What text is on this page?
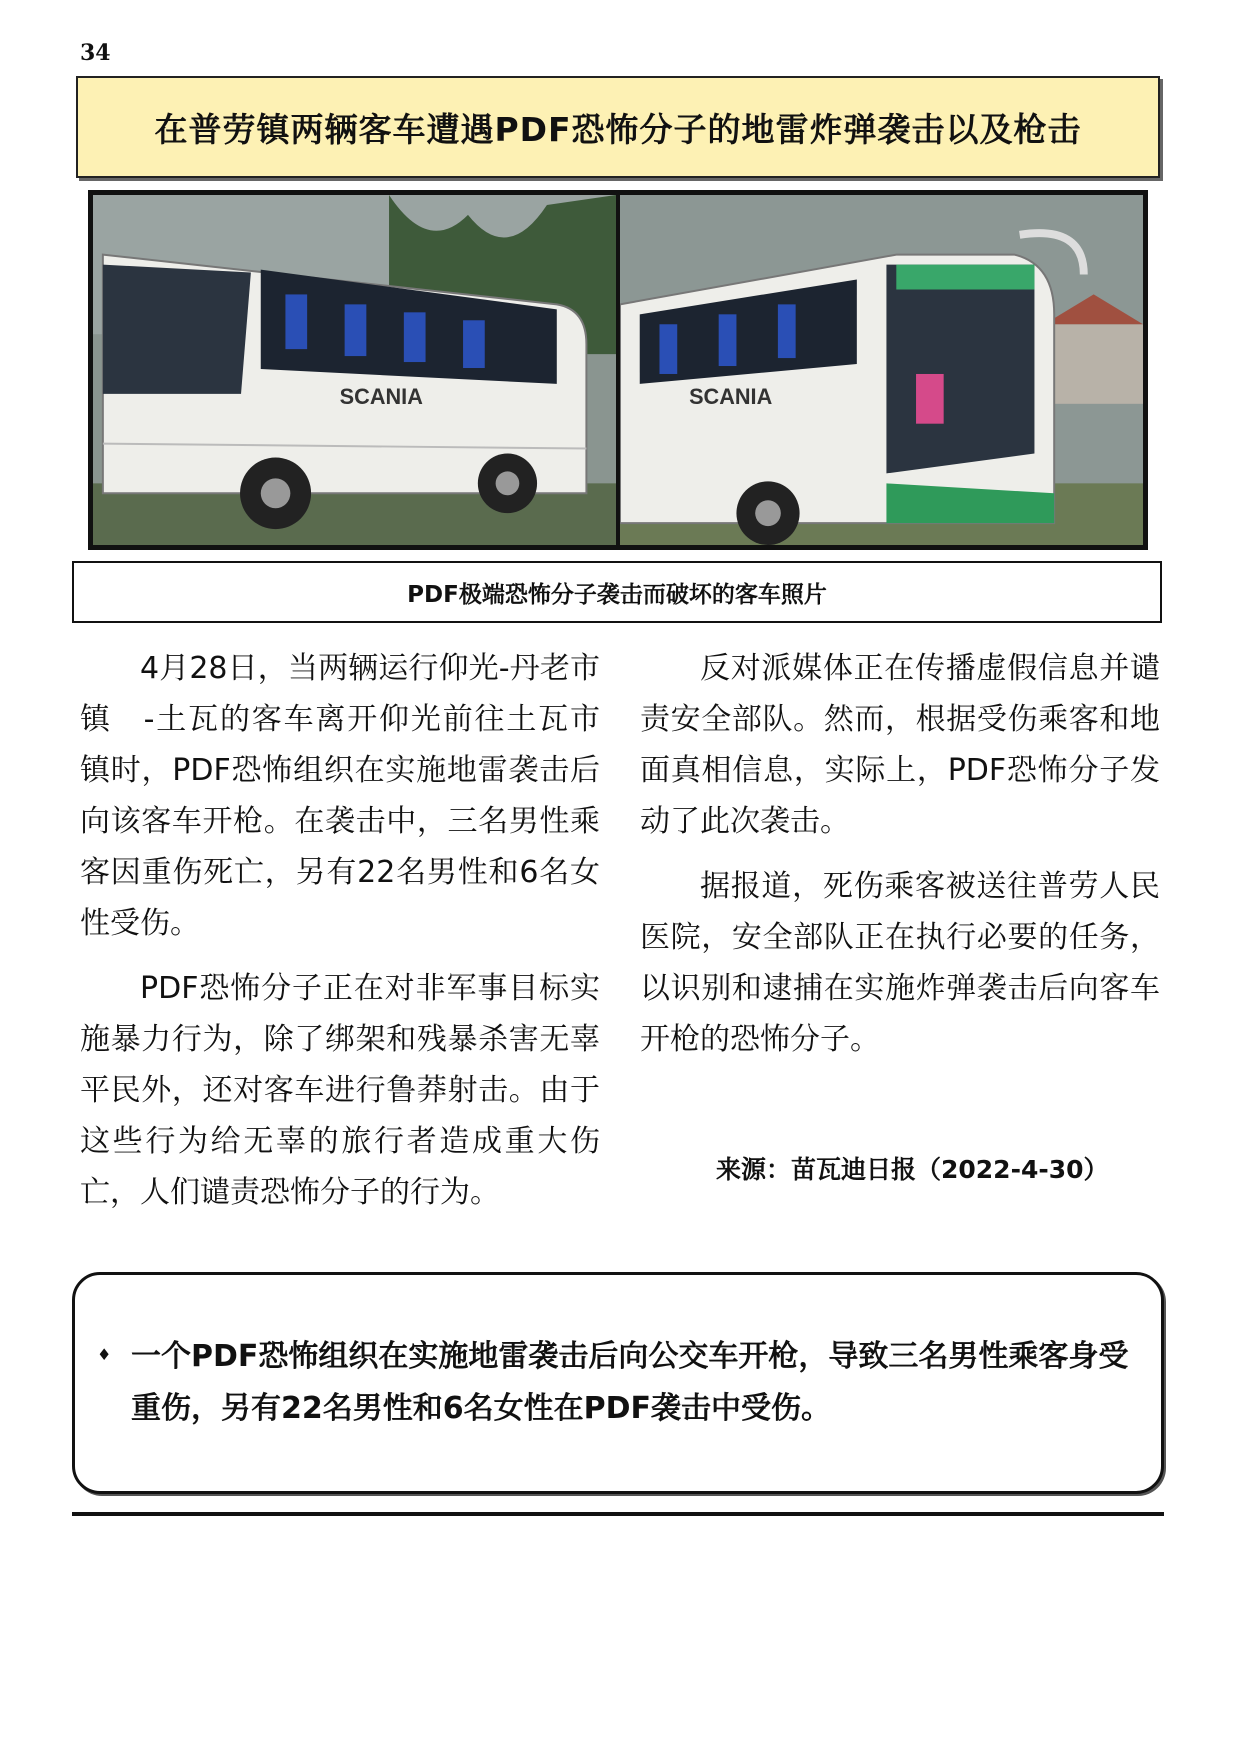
34
在普劳镇两辆客车遭遇PDF恐怖分子的地雷炸弹袭击以及枪击
SCANIA	SCANIA
PDF极端恐怖分子袭击而破坏的客车照片

4月28日，当两辆运行仰光-丹老市镇　-土瓦的客车离开仰光前往土瓦市镇时，PDF恐怖组织在实施地雷袭击后向该客车开枪。在袭击中，三名男性乘客因重伤死亡，另有22名男性和6名女性受伤。

PDF恐怖分子正在对非军事目标实施暴力行为，除了绑架和残暴杀害无辜平民外，还对客车进行鲁莽射击。由于这些行为给无辜的旅行者造成重大伤亡，人们谴责恐怖分子的行为。

反对派媒体正在传播虚假信息并谴责安全部队。然而，根据受伤乘客和地面真相信息，实际上，PDF恐怖分子发动了此次袭击。

据报道，死伤乘客被送往普劳人民医院，安全部队正在执行必要的任务，以识别和逮捕在实施炸弹袭击后向客车开枪的恐怖分子。

来源：苗瓦迪日报（2022-4-30）
♦ 一个PDF恐怖组织在实施地雷袭击后向公交车开枪，导致三名男性乘客身受重伤，另有22名男性和6名女性在PDF袭击中受伤。
